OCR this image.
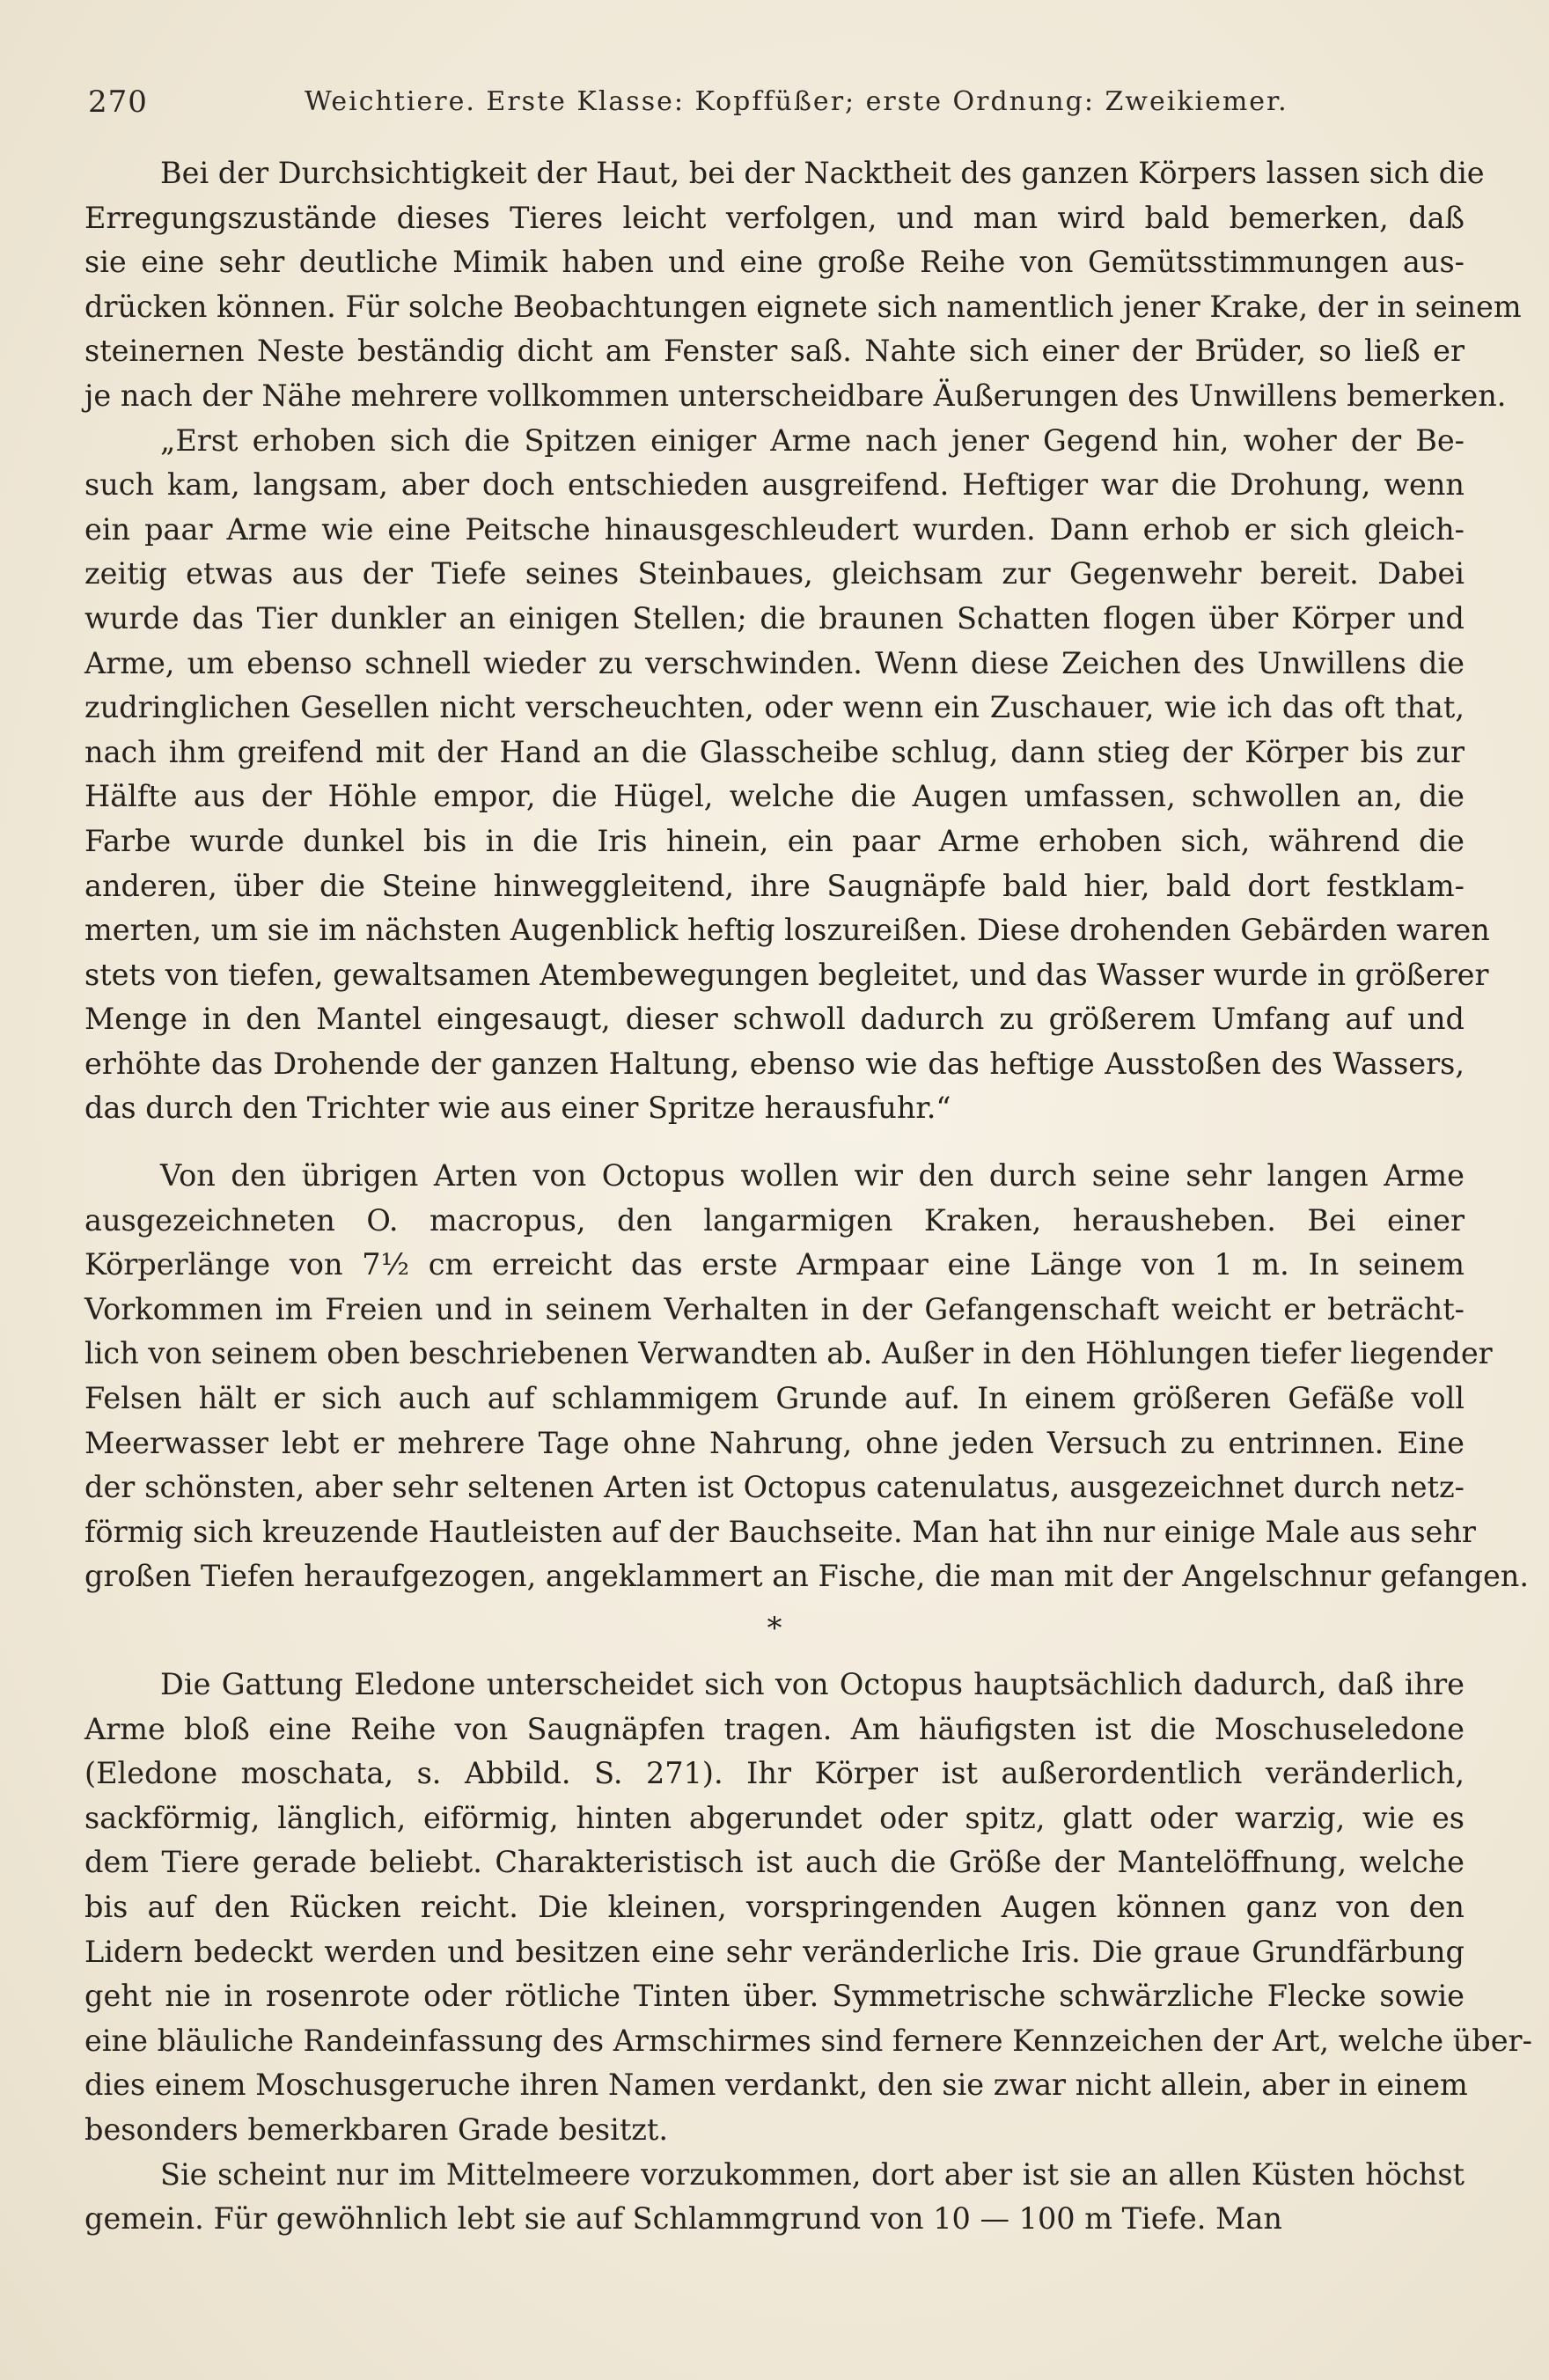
270	Weichtiere. Erste Klasse: Kopffüßer; erste Ordnung: Zweikiemer.
Bei der Durchsichtigkeit der Haut, bei der Nacktheit des ganzen Körpers lassen sich die
Erregungszustände dieses Tieres leicht verfolgen, und man wird bald bemerken, daß
sie eine sehr deutliche Mimik haben und eine große Reihe von Gemütsstimmungen aus-
drücken können. Für solche Beobachtungen eignete sich namentlich jener Krake, der in seinem
steinernen Neste beständig dicht am Fenster saß. Nahte sich einer der Brüder, so ließ er
je nach der Nähe mehrere vollkommen unterscheidbare Äußerungen des Unwillens bemerken.
„Erst erhoben sich die Spitzen einiger Arme nach jener Gegend hin, woher der Be-
such kam, langsam, aber doch entschieden ausgreifend. Heftiger war die Drohung, wenn
ein paar Arme wie eine Peitsche hinausgeschleudert wurden. Dann erhob er sich gleich-
zeitig etwas aus der Tiefe seines Steinbaues, gleichsam zur Gegenwehr bereit. Dabei
wurde das Tier dunkler an einigen Stellen; die braunen Schatten flogen über Körper und
Arme, um ebenso schnell wieder zu verschwinden. Wenn diese Zeichen des Unwillens die
zudringlichen Gesellen nicht verscheuchten, oder wenn ein Zuschauer, wie ich das oft that,
nach ihm greifend mit der Hand an die Glasscheibe schlug, dann stieg der Körper bis zur
Hälfte aus der Höhle empor, die Hügel, welche die Augen umfassen, schwollen an, die
Farbe wurde dunkel bis in die Iris hinein, ein paar Arme erhoben sich, während die
anderen, über die Steine hinweggleitend, ihre Saugnäpfe bald hier, bald dort festklam-
merten, um sie im nächsten Augenblick heftig loszureißen. Diese drohenden Gebärden waren
stets von tiefen, gewaltsamen Atembewegungen begleitet, und das Wasser wurde in größerer
Menge in den Mantel eingesaugt, dieser schwoll dadurch zu größerem Umfang auf und
erhöhte das Drohende der ganzen Haltung, ebenso wie das heftige Ausstoßen des Wassers,
das durch den Trichter wie aus einer Spritze herausfuhr.“
Von den übrigen Arten von Octopus wollen wir den durch seine sehr langen Arme
ausgezeichneten O. macropus, den langarmigen Kraken, herausheben. Bei einer
Körperlänge von 7½ cm erreicht das erste Armpaar eine Länge von 1 m. In seinem
Vorkommen im Freien und in seinem Verhalten in der Gefangenschaft weicht er beträcht-
lich von seinem oben beschriebenen Verwandten ab. Außer in den Höhlungen tiefer liegender
Felsen hält er sich auch auf schlammigem Grunde auf. In einem größeren Gefäße voll
Meerwasser lebt er mehrere Tage ohne Nahrung, ohne jeden Versuch zu entrinnen. Eine
der schönsten, aber sehr seltenen Arten ist Octopus catenulatus, ausgezeichnet durch netz-
förmig sich kreuzende Hautleisten auf der Bauchseite. Man hat ihn nur einige Male aus sehr
großen Tiefen heraufgezogen, angeklammert an Fische, die man mit der Angelschnur gefangen.
*
Die Gattung Eledone unterscheidet sich von Octopus hauptsächlich dadurch, daß ihre
Arme bloß eine Reihe von Saugnäpfen tragen. Am häufigsten ist die Moschuseledone
(Eledone moschata, s. Abbild. S. 271). Ihr Körper ist außerordentlich veränderlich,
sackförmig, länglich, eiförmig, hinten abgerundet oder spitz, glatt oder warzig, wie es
dem Tiere gerade beliebt. Charakteristisch ist auch die Größe der Mantelöffnung, welche
bis auf den Rücken reicht. Die kleinen, vorspringenden Augen können ganz von den
Lidern bedeckt werden und besitzen eine sehr veränderliche Iris. Die graue Grundfärbung
geht nie in rosenrote oder rötliche Tinten über. Symmetrische schwärzliche Flecke sowie
eine bläuliche Randeinfassung des Armschirmes sind fernere Kennzeichen der Art, welche über-
dies einem Moschusgeruche ihren Namen verdankt, den sie zwar nicht allein, aber in einem
besonders bemerkbaren Grade besitzt.
Sie scheint nur im Mittelmeere vorzukommen, dort aber ist sie an allen Küsten höchst
gemein. Für gewöhnlich lebt sie auf Schlammgrund von 10 — 100 m Tiefe. Man
